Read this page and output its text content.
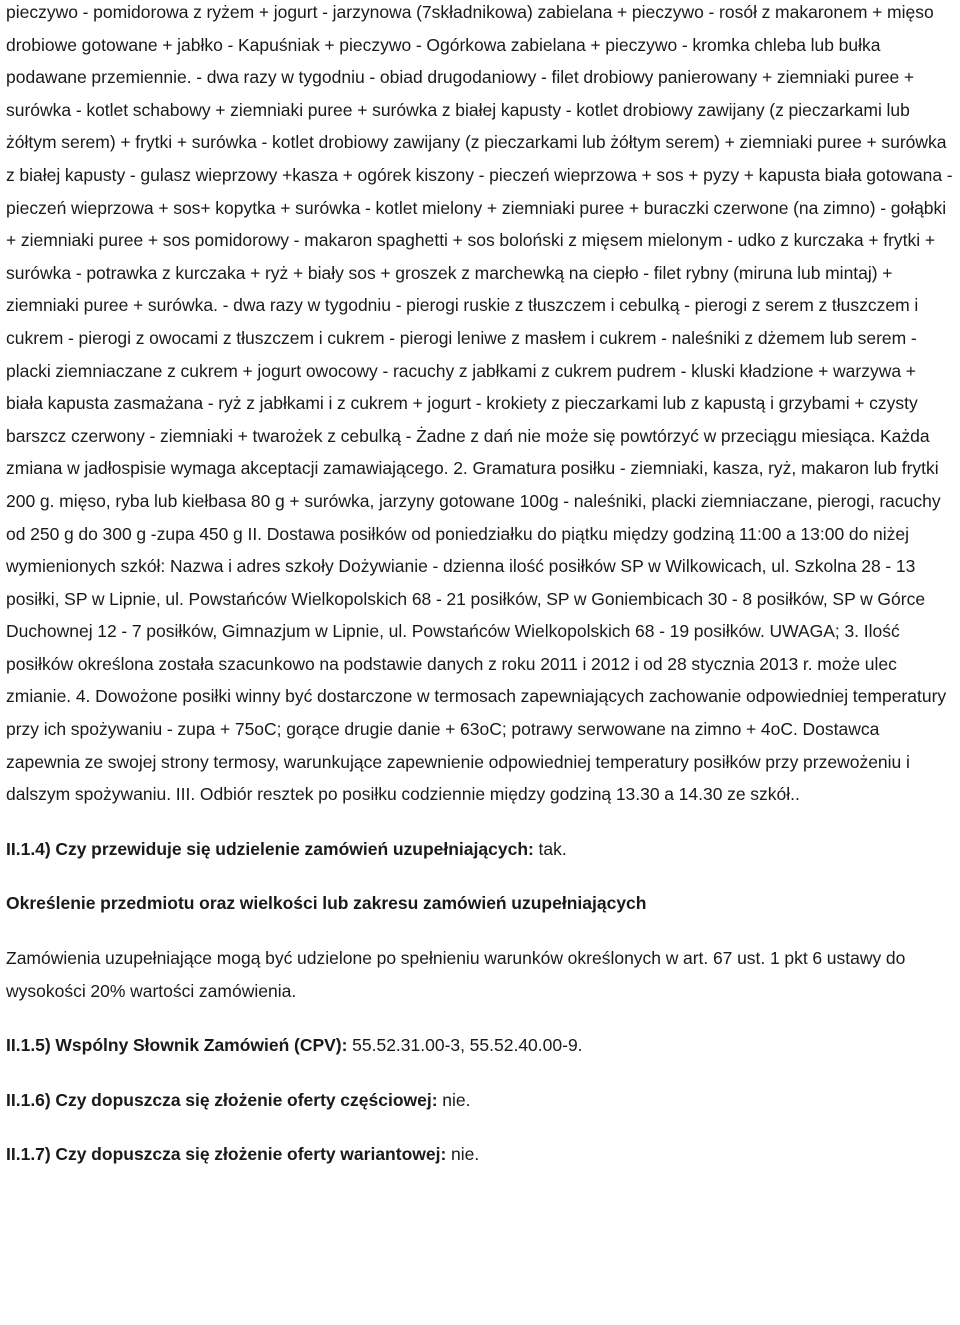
pieczywo - pomidorowa z ryżem + jogurt - jarzynowa (7składnikowa) zabielana + pieczywo - rosół z makaronem + mięso drobiowe gotowane + jabłko - Kapuśniak + pieczywo - Ogórkowa zabielana + pieczywo - kromka chleba lub bułka podawane przemiennie. - dwa razy w tygodniu - obiad drugodaniowy - filet drobiowy panierowany + ziemniaki puree + surówka - kotlet schabowy + ziemniaki puree + surówka z białej kapusty - kotlet drobiowy zawijany (z pieczarkami lub żółtym serem) + frytki + surówka - kotlet drobiowy zawijany (z pieczarkami lub żółtym serem) + ziemniaki puree + surówka z białej kapusty - gulasz wieprzowy +kasza + ogórek kiszony - pieczeń wieprzowa + sos + pyzy + kapusta biała gotowana - pieczeń wieprzowa + sos+ kopytka + surówka - kotlet mielony + ziemniaki puree + buraczki czerwone (na zimno) - gołąbki + ziemniaki puree + sos pomidorowy - makaron spaghetti + sos boloński z mięsem mielonym - udko z kurczaka + frytki + surówka - potrawka z kurczaka + ryż + biały sos + groszek z marchewką na ciepło - filet rybny (miruna lub mintaj) + ziemniaki puree + surówka. - dwa razy w tygodniu - pierogi ruskie z tłuszczem i cebulką - pierogi z serem z tłuszczem i cukrem - pierogi z owocami z tłuszczem i cukrem - pierogi leniwe z masłem i cukrem - naleśniki z dżemem lub serem - placki ziemniaczane z cukrem + jogurt owocowy - racuchy z jabłkami z cukrem pudrem - kluski kładzione + warzywa + biała kapusta zasmażana - ryż z jabłkami i z cukrem + jogurt - krokiety z pieczarkami lub z kapustą i grzybami + czysty barszcz czerwony - ziemniaki + twarożek z cebulką - Żadne z dań nie może się powtórzyć w przeciągu miesiąca. Każda zmiana w jadłospisie wymaga akceptacji zamawiającego. 2. Gramatura posiłku - ziemniaki, kasza, ryż, makaron lub frytki 200 g. mięso, ryba lub kiełbasa 80 g + surówka, jarzyny gotowane 100g - naleśniki, placki ziemniaczane, pierogi, racuchy od 250 g do 300 g -zupa 450 g II. Dostawa posiłków od poniedziałku do piątku między godziną 11:00 a 13:00 do niżej wymienionych szkół: Nazwa i adres szkoły Dożywianie - dzienna ilość posiłków SP w Wilkowicach, ul. Szkolna 28 - 13 posiłki, SP w Lipnie, ul. Powstańców Wielkopolskich 68 - 21 posiłków, SP w Goniembicach 30 - 8 posiłków, SP w Górce Duchownej 12 - 7 posiłków, Gimnazjum w Lipnie, ul. Powstańców Wielkopolskich 68 - 19 posiłków. UWAGA; 3. Ilość posiłków określona została szacunkowo na podstawie danych z roku 2011 i 2012 i od 28 stycznia 2013 r. może ulec zmianie. 4. Dowożone posiłki winny być dostarczone w termosach zapewniających zachowanie odpowiedniej temperatury przy ich spożywaniu - zupa + 75oC; gorące drugie danie + 63oC; potrawy serwowane na zimno + 4oC. Dostawca zapewnia ze swojej strony termosy, warunkujące zapewnienie odpowiedniej temperatury posiłków przy przewożeniu i dalszym spożywaniu. III. Odbiór resztek po posiłku codziennie między godziną 13.30 a 14.30 ze szkół..

II.1.4) Czy przewiduje się udzielenie zamówień uzupełniających: tak.

Określenie przedmiotu oraz wielkości lub zakresu zamówień uzupełniających

Zamówienia uzupełniające mogą być udzielone po spełnieniu warunków określonych w art. 67 ust. 1 pkt 6 ustawy do wysokości 20% wartości zamówienia.

II.1.5) Wspólny Słownik Zamówień (CPV): 55.52.31.00-3, 55.52.40.00-9.

II.1.6) Czy dopuszcza się złożenie oferty częściowej: nie.

II.1.7) Czy dopuszcza się złożenie oferty wariantowej: nie.
